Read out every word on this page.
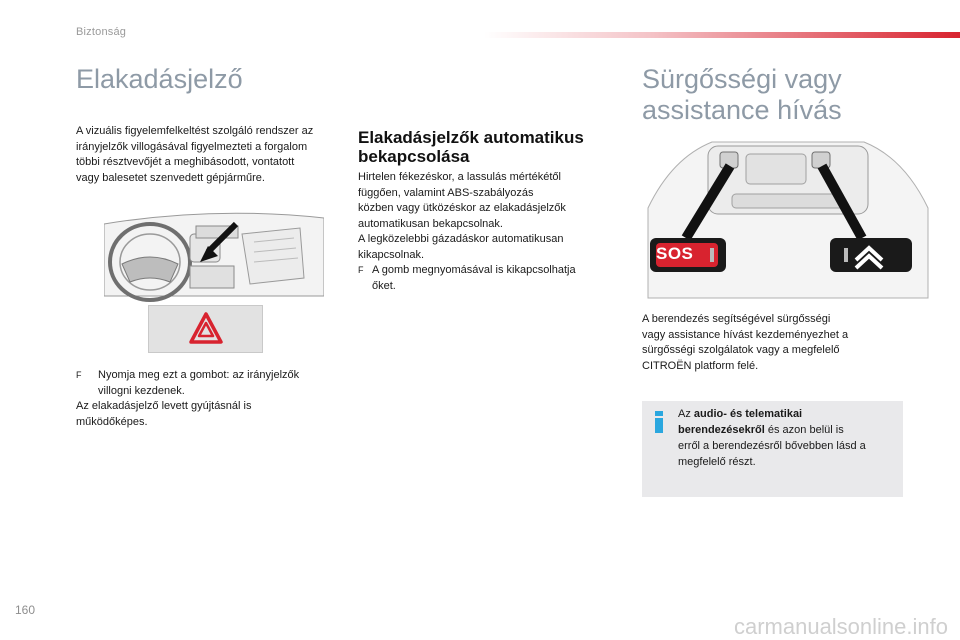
Biztonság
Elakadásjelző
A vizuális figyelemfelkeltést szolgáló rendszer az
irányjelzők villogásával figyelmezteti a forgalom
többi résztvevőjét a meghibásodott, vontatott
vagy balesetet szenvedett gépjárműre.
F Nyomja meg ezt a gombot: az irányjelzők
villogni kezdenek.
Az elakadásjelző levett gyújtásnál is
működőképes.
Elakadásjelzők automatikus
bekapcsolása
Hirtelen fékezéskor, a lassulás mértékétől
függően, valamint ABS-szabályozás
közben vagy ütközéskor az elakadásjelzők
automatikusan bekapcsolnak.
A legközelebbi gázadáskor automatikusan
kikapcsolnak.
F A gomb megnyomásával is kikapcsolhatja
őket.
Sürgősségi vagy
assistance hívás
SOS
A berendezés segítségével sürgősségi
vagy assistance hívást kezdeményezhet a
sürgősségi szolgálatok vagy a megfelelő
CITROËN platform felé.
Az audio- és telematikai
berendezésekről és azon belül is
erről a berendezésről bővebben lásd a
megfelelő részt.
160
carmanualsonline.info
